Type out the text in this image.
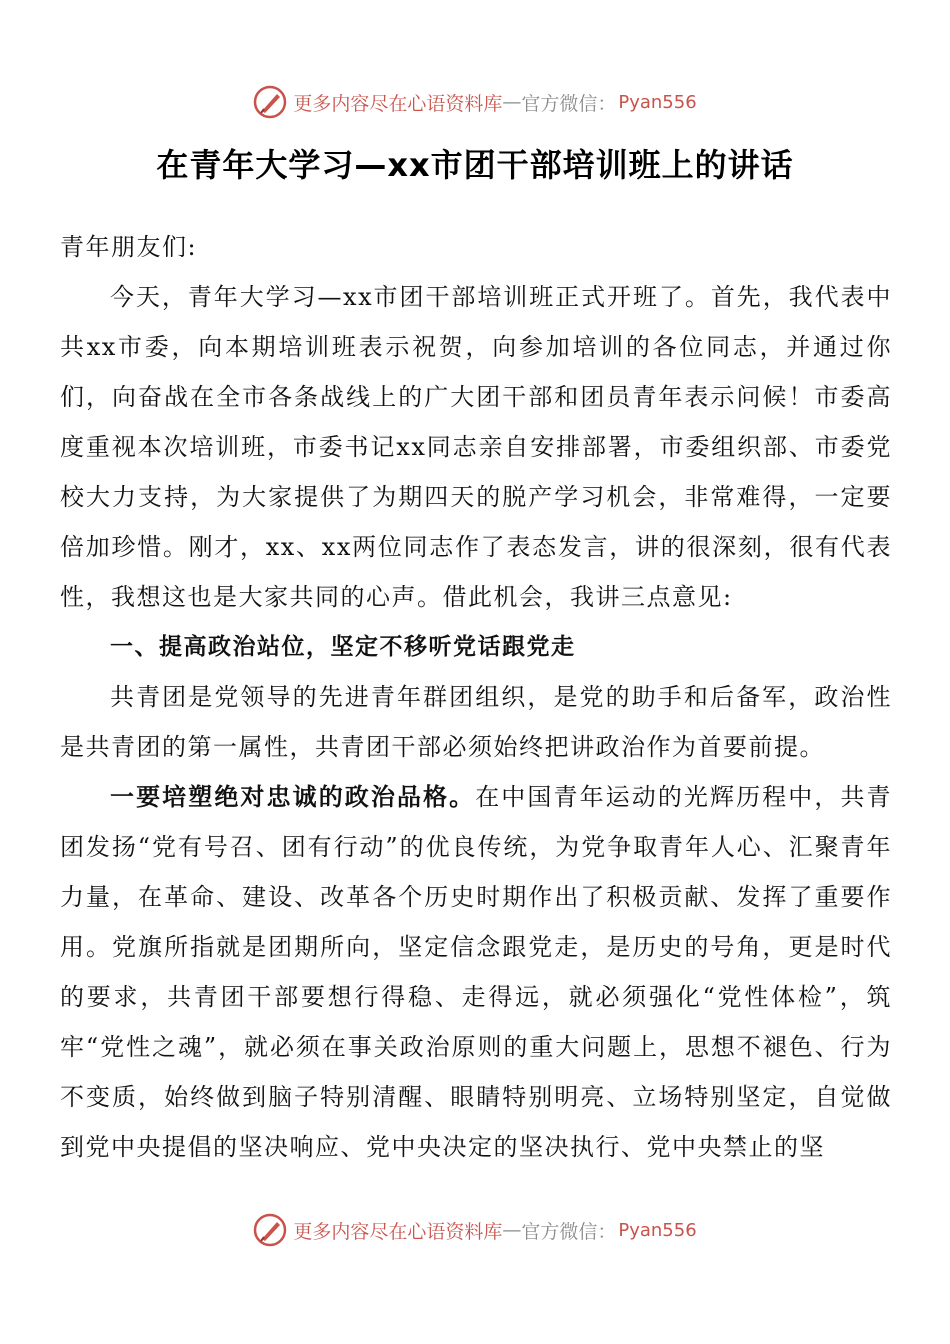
更多内容尽在心语资料库 — 官方微信： Pyan556
在青年大学习—xx市团干部培训班上的讲话

青年朋友们:

今天，青年大学习—xx市团干部培训班正式开班了。首先，我代表中共xx市委，向本期培训班表示祝贺，向参加培训的各位同志，并通过你们，向奋战在全市各条战线上的广大团干部和团员青年表示问候！市委高度重视本次培训班，市委书记xx同志亲自安排部署，市委组织部、市委党校大力支持，为大家提供了为期四天的脱产学习机会，非常难得，一定要倍加珍惜。刚才，xx、xx两位同志作了表态发言，讲的很深刻，很有代表性，我想这也是大家共同的心声。借此机会，我讲三点意见:

一、提高政治站位，坚定不移听党话跟党走

共青团是党领导的先进青年群团组织，是党的助手和后备军，政治性是共青团的第一属性，共青团干部必须始终把讲政治作为首要前提。

一要培塑绝对忠诚的政治品格。在中国青年运动的光辉历程中，共青团发扬“党有号召、团有行动”的优良传统，为党争取青年人心、汇聚青年力量，在革命、建设、改革各个历史时期作出了积极贡献、发挥了重要作用。党旗所指就是团期所向，坚定信念跟党走，是历史的号角，更是时代的要求，共青团干部要想行得稳、走得远，就必须强化“党性体检”，筑牢“党性之魂”，就必须在事关政治原则的重大问题上，思想不褪色、行为不变质，始终做到脑子特别清醒、眼睛特别明亮、立场特别坚定，自觉做到党中央提倡的坚决响应、党中央决定的坚决执行、党中央禁止的坚

更多内容尽在心语资料库 — 官方微信： Pyan556
